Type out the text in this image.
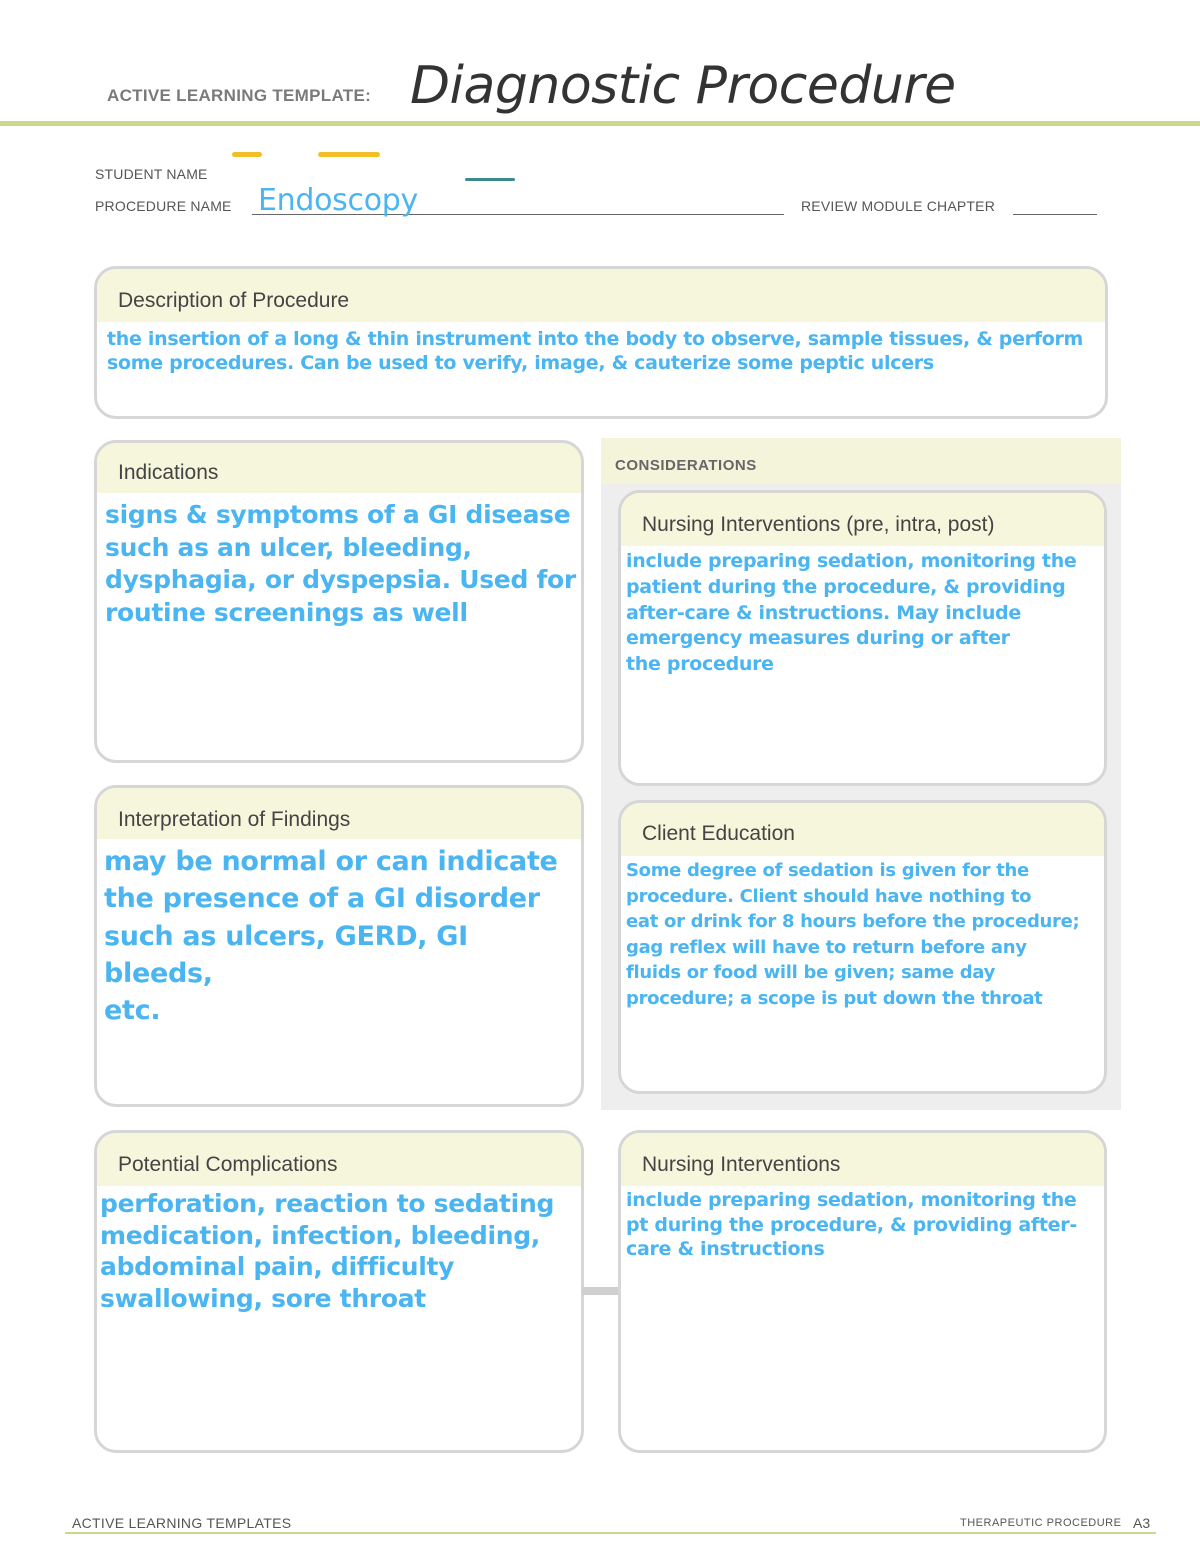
ACTIVE LEARNING TEMPLATE: Diagnostic Procedure
STUDENT NAME
PROCEDURE NAME Endoscopy	REVIEW MODULE CHAPTER
Description of Procedure

the insertion of a long & thin instrument into the body to observe, sample tissues, & perform
some procedures. Can be used to verify, image, & cauterize some peptic ulcers

Indications

signs & symptoms of a GI disease
such as an ulcer, bleeding,
dysphagia, or dyspepsia. Used for
routine screenings as well

Interpretation of Findings

may be normal or can indicate
the presence of a GI disorder
such as ulcers, GERD, GI bleeds,
etc.

CONSIDERATIONS
Nursing Interventions (pre, intra, post)

include preparing sedation, monitoring the
patient during the procedure, & providing
after-care & instructions. May include
emergency measures during or after
the procedure

Client Education

Some degree of sedation is given for the
procedure. Client should have nothing to
eat or drink for 8 hours before the procedure;
gag reflex will have to return before any
fluids or food will be given; same day
procedure; a scope is put down the throat

Potential Complications

perforation, reaction to sedating
medication, infection, bleeding,
abdominal pain, difficulty
swallowing, sore throat

Nursing Interventions

include preparing sedation, monitoring the
pt during the procedure, & providing after-
care & instructions

ACTIVE LEARNING TEMPLATES	THERAPEUTIC PROCEDURE A3
